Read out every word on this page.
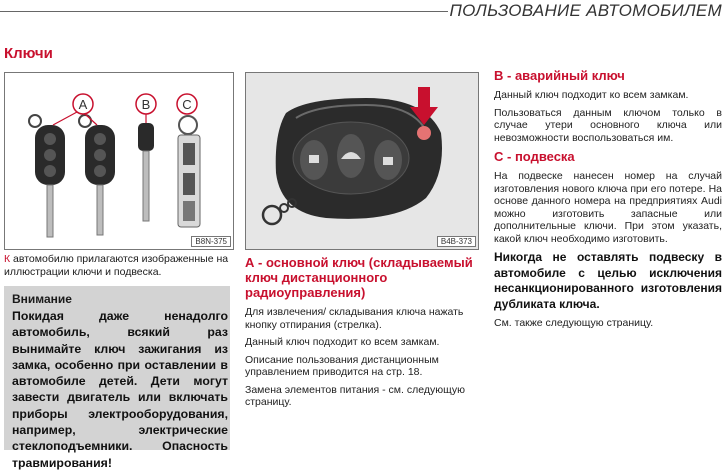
ПОЛЬЗОВАНИЕ АВТОМОБИЛЕМ
Ключи
A	B C
B8N-375	B4B-373
К автомобилю прилагаются изображенные на иллюстрации ключи и подвеска.
Внимание
Покидая даже ненадолго автомобиль, всякий раз вынимайте ключ зажигания из замка, особенно при оставлении в автомобиле детей. Дети могут завести двигатель или включать приборы электрооборудования, например, электрические стеклоподъемники. Опасность травмирования!
А - основной ключ (складываемый ключ дистанционного радиоуправления)
Для извлечения/ складывания ключа нажать кнопку отпирания (стрелка).
Данный ключ подходит ко всем замкам.
Описание пользования дистанционным управлением приводится на стр. 18.
Замена элементов питания - см. следующую страницу.
В - аварийный ключ
Данный ключ подходит ко всем замкам.
Пользоваться данным ключом только в случае утери основного ключа или невозможности воспользоваться им.
С - подвеска
На подвеске нанесен номер на случай изготовления нового ключа при его потере. На основе данного номера на предприятиях Audi можно изготовить запасные или дополнительные ключи. При этом указать, какой ключ необходимо изготовить.
Никогда не оставлять подвеску в автомобиле с целью исключения несанкционированного изготовления дубликата ключа.
См. также следующую страницу.
